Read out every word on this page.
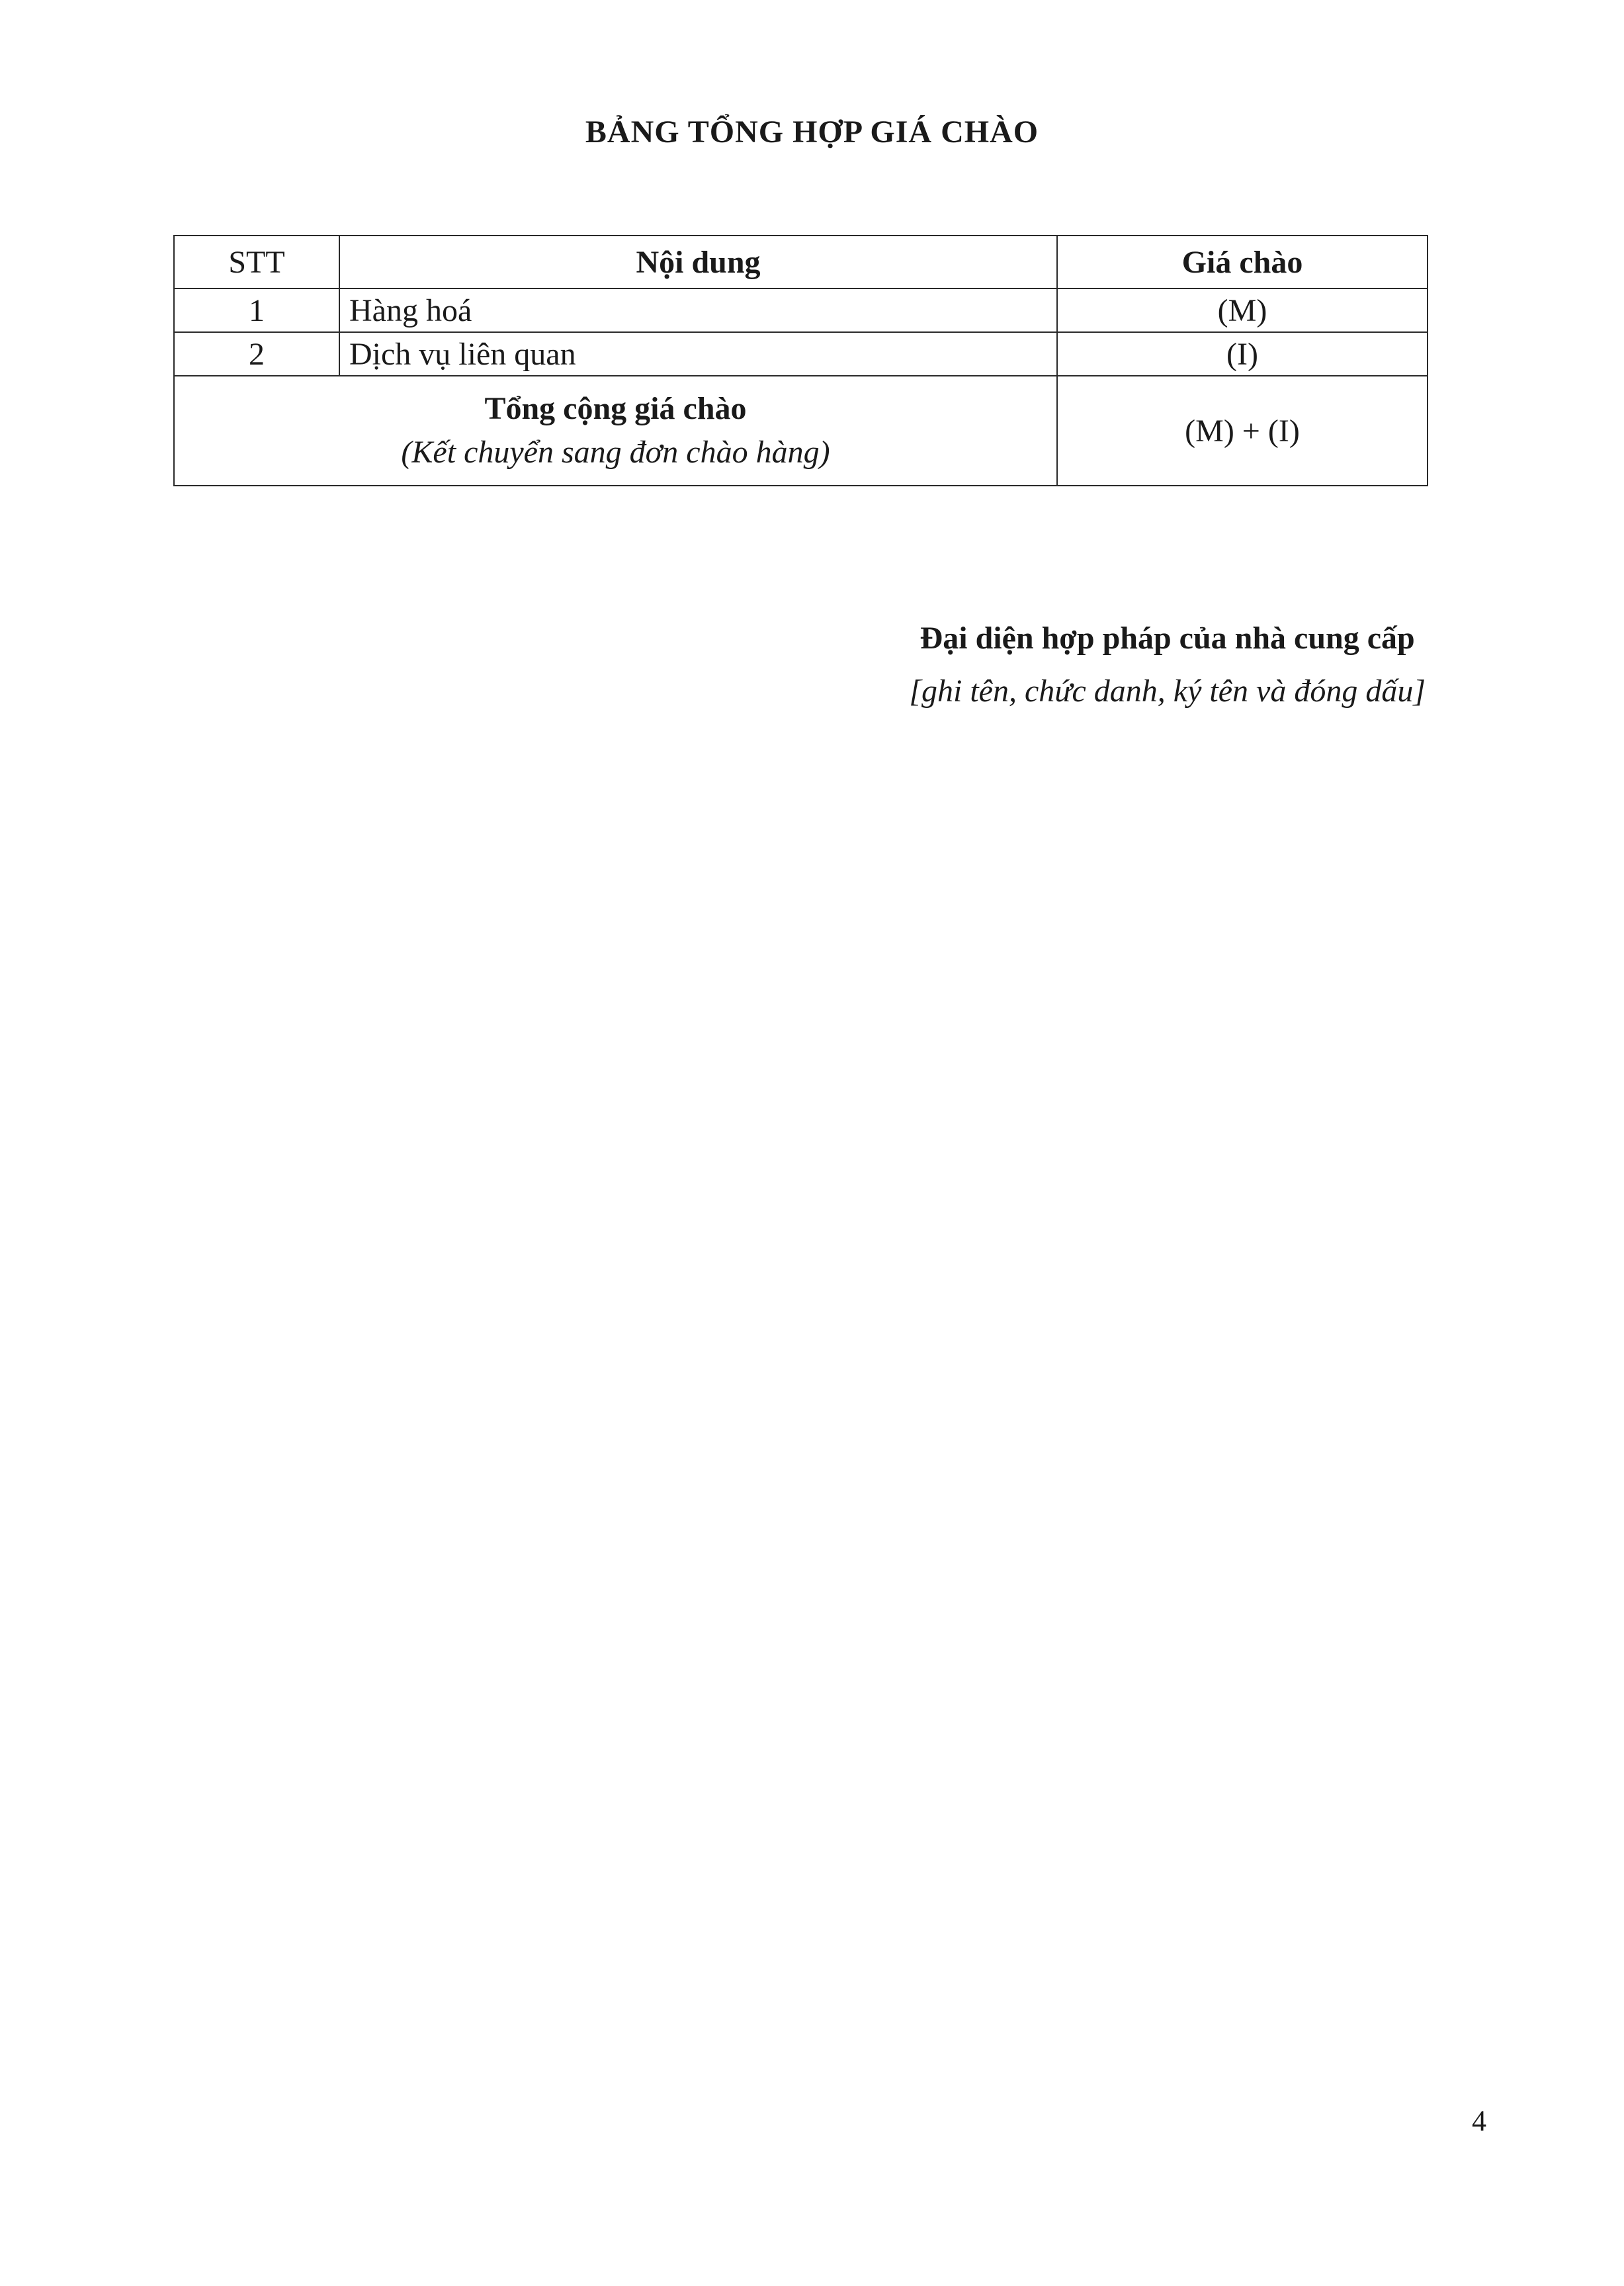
BẢNG TỔNG HỢP GIÁ CHÀO
STT	Nội dung	Giá chào
1	Hàng hoá	(M)
2	Dịch vụ liên quan	(I)

Tổng cộng giá chào
(Kết chuyển sang đơn chào hàng)		(M) + (I)
Đại diện hợp pháp của nhà cung cấp
[ghi tên, chức danh, ký tên và đóng dấu]
4
